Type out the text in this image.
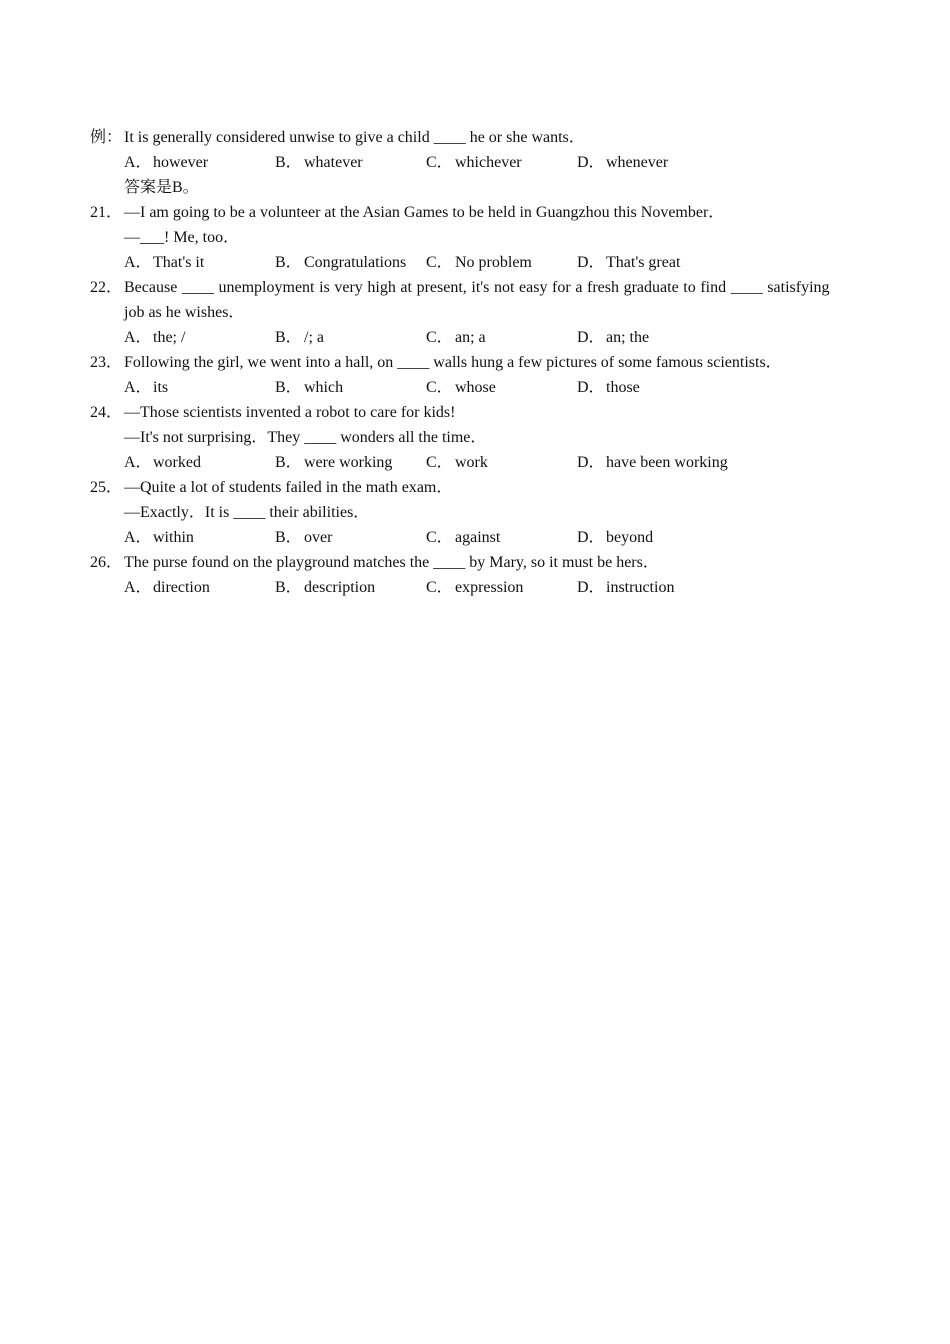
例： It is generally considered unwise to give a child ____ he or she wants．
A．however	B． whatever	C． whichever	D．whenever
答案是B。
21． —I am going to be a volunteer at the Asian Games to be held in Guangzhou this November．
—___! Me, too．
A．That's it	B． Congratulations C． No problem	D．That's great
22． Because ____ unemployment is very high at present, it's not easy for a fresh graduate to find ____ satisfying
job as he wishes．
A．the; /	B． /; a	C． an; a	D．an; the
23． Following the girl, we went into a hall, on ____ walls hung a few pictures of some famous scientists．
A．its	B． which	C． whose	D．those
24． —Those scientists invented a robot to care for kids!
—It's not surprising．They ____ wonders all the time．
A．worked	B． were working C． work	D．have been working
25． —Quite a lot of students failed in the math exam．
—Exactly．It is ____ their abilities．
A．within	B． over	C． against	D．beyond
26． The purse found on the playground matches the ____ by Mary, so it must be hers．
A．direction	B． description	C． expression	D．instruction
